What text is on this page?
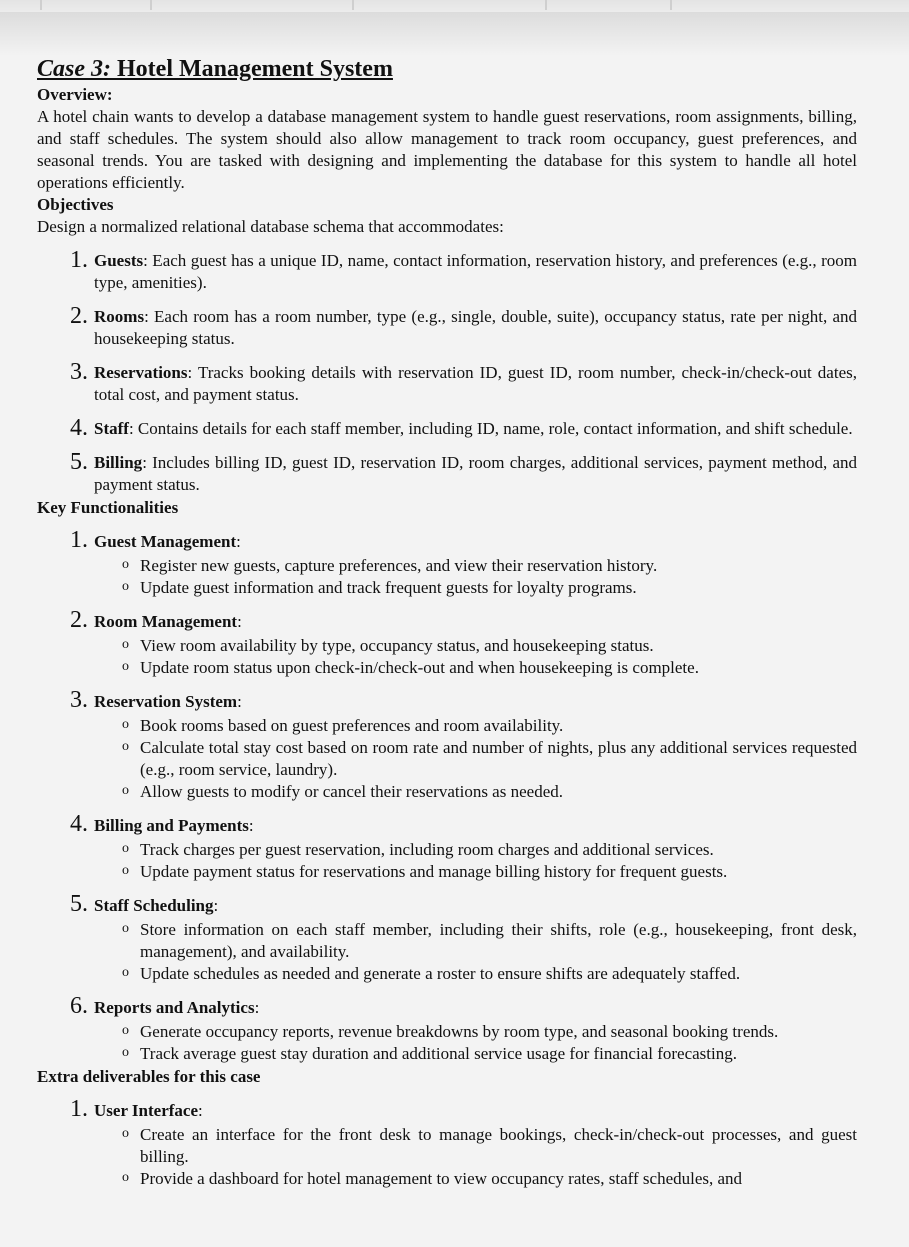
Case 3: Hotel Management System
Overview:

A hotel chain wants to develop a database management system to handle guest reservations, room assignments, billing, and staff schedules. The system should also allow management to track room occupancy, guest preferences, and seasonal trends. You are tasked with designing and implementing the database for this system to handle all hotel operations efficiently.

Objectives

Design a normalized relational database schema that accommodates:

1. Guests: Each guest has a unique ID, name, contact information, reservation history, and preferences (e.g., room type, amenities).
2. Rooms: Each room has a room number, type (e.g., single, double, suite), occupancy status, rate per night, and housekeeping status.
3. Reservations: Tracks booking details with reservation ID, guest ID, room number, check-in/check-out dates, total cost, and payment status.
4. Staff: Contains details for each staff member, including ID, name, role, contact information, and shift schedule.
5. Billing: Includes billing ID, guest ID, reservation ID, room charges, additional services, payment method, and payment status.
Key Functionalities
1. Guest Management:
o Register new guests, capture preferences, and view their reservation history.
o Update guest information and track frequent guests for loyalty programs.
2. Room Management:
o View room availability by type, occupancy status, and housekeeping status.
o Update room status upon check-in/check-out and when housekeeping is complete.
3. Reservation System:
o Book rooms based on guest preferences and room availability.
o Calculate total stay cost based on room rate and number of nights, plus any additional services requested (e.g., room service, laundry).
o Allow guests to modify or cancel their reservations as needed.
4. Billing and Payments:
o Track charges per guest reservation, including room charges and additional services.
o Update payment status for reservations and manage billing history for frequent guests.
5. Staff Scheduling:
o Store information on each staff member, including their shifts, role (e.g., housekeeping, front desk, management), and availability.
o Update schedules as needed and generate a roster to ensure shifts are adequately staffed.
6. Reports and Analytics:
o Generate occupancy reports, revenue breakdowns by room type, and seasonal booking trends.
o Track average guest stay duration and additional service usage for financial forecasting.
Extra deliverables for this case
1. User Interface:
o Create an interface for the front desk to manage bookings, check-in/check-out processes, and guest billing.
o Provide a dashboard for hotel management to view occupancy rates, staff schedules, and
